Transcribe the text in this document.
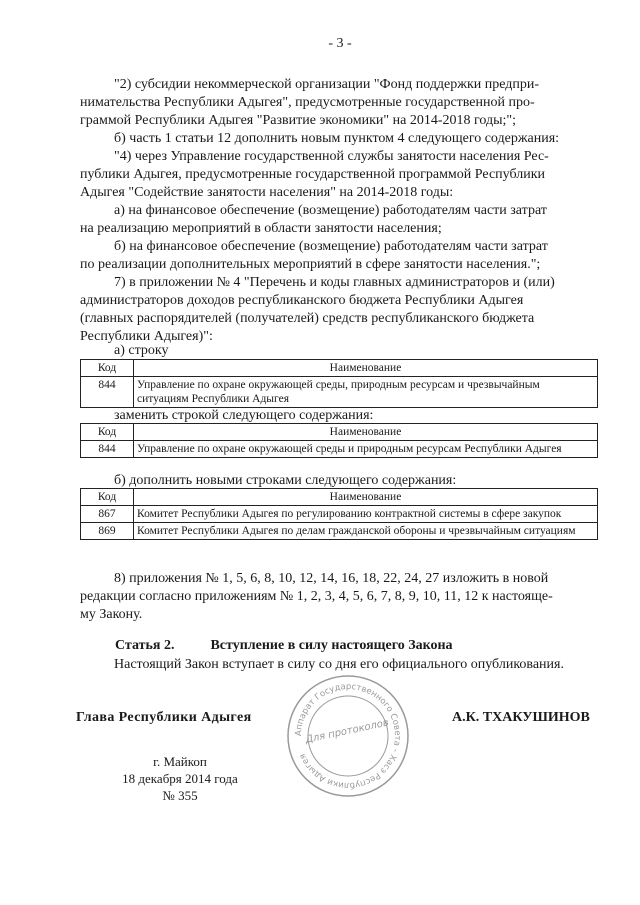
- 3 -
"2) субсидии некоммерческой организации "Фонд поддержки предпри-
нимательства Республики Адыгея", предусмотренные государственной про-
граммой Республики Адыгея "Развитие экономики" на 2014-2018 годы;";
б) часть 1 статьи 12 дополнить новым пунктом 4 следующего содержания:
"4) через Управление государственной службы занятости населения Рес-
публики Адыгея, предусмотренные государственной программой Республики
Адыгея "Содействие занятости населения" на 2014-2018 годы:
а) на финансовое обеспечение (возмещение) работодателям части затрат
на реализацию мероприятий в области занятости населения;
б) на финансовое обеспечение (возмещение) работодателям части затрат
по реализации дополнительных мероприятий в сфере занятости населения.";
7) в приложении № 4 "Перечень и коды главных администраторов и (или)
администраторов доходов республиканского бюджета Республики Адыгея
(главных распорядителей (получателей) средств республиканского бюджета
Республики Адыгея)":
а) строку
Код	Наименование
844	Управление по охране окружающей среды, природным ресурсам и чрезвычайным ситуациям Республики Адыгея
заменить строкой следующего содержания:
Код	Наименование
844	Управление по охране окружающей среды и природным ресурсам Республики Адыгея
б) дополнить новыми строками следующего содержания:
Код	Наименование
867	Комитет Республики Адыгея по регулированию контрактной системы в сфере закупок
869	Комитет Республики Адыгея по делам гражданской обороны и чрезвычайным ситуациям
8) приложения № 1, 5, 6, 8, 10, 12, 14, 16, 18, 22, 24, 27 изложить в новой
редакции согласно приложениям № 1, 2, 3, 4, 5, 6, 7, 8, 9, 10, 11, 12 к настояще-
му Закону.
Статья 2.	Вступление в силу настоящего Закона
Настоящий Закон вступает в силу со дня его официального опубликования.
Глава Республики Адыгея	А.К. ТХАКУШИНОВ
Аппарат Государственного Совета - Хасэ Республики Адыгея
Для протоколов
г. Майкоп
18 декабря 2014 года
№ 355
